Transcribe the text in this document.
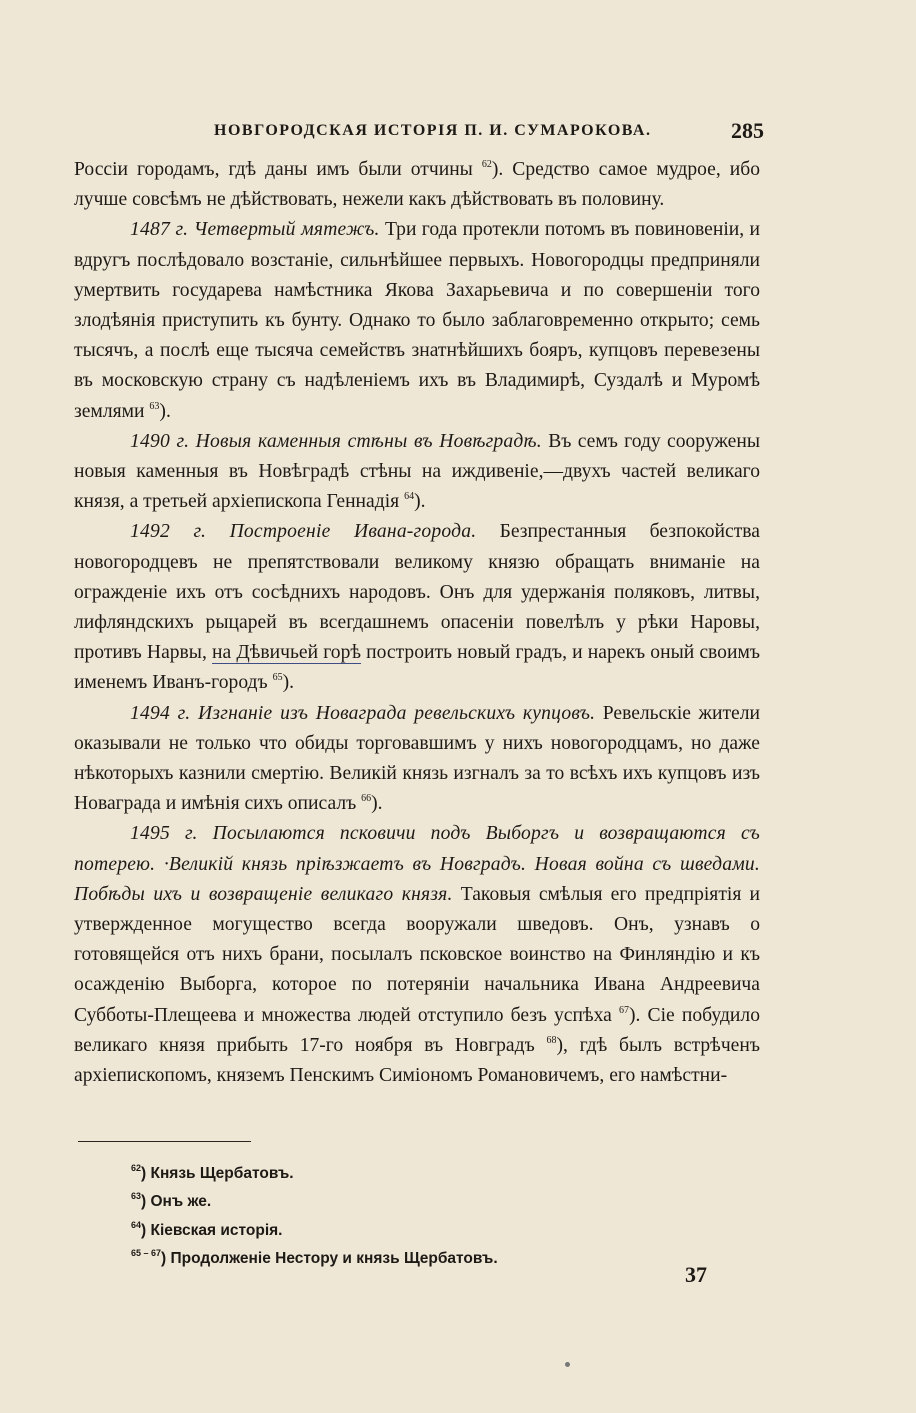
НОВГОРОДСКАЯ ИСТОРІЯ П. И. СУМАРОКОВА.	285

Россіи городамъ, гдѣ даны имъ были отчины $^{62}$). Средство самое мудрое, ибо лучше совсѣмъ не дѣйствовать, нежели какъ дѣйствовать въ половину.

1487 г. Четвертый мятежъ. Три года протекли потомъ въ повиновеніи, и вдругъ послѣдовало возстаніе, сильнѣйшее первыхъ. Новогородцы предприняли умертвить государева намѣстника Якова Захарьевича и по совершеніи того злодѣянія приступить къ бунту. Однако то было заблаговременно открыто; семь тысячъ, а послѣ еще тысяча семействъ знатнѣйшихъ бояръ, купцовъ перевезены въ московскую страну съ надѣленіемъ ихъ въ Владимирѣ, Суздалѣ и Муромѣ землями $^{63}$).

1490 г. Новыя каменныя стѣны въ Новѣградѣ. Въ семъ году сооружены новыя каменныя въ Новѣградѣ стѣны на иждивеніе,—двухъ частей великаго князя, а третьей архіепископа Геннадія $^{64}$).

1492 г. Построеніе Ивана-города. Безпрестанныя безпокойства новогородцевъ не препятствовали великому князю обращать вниманіе на огражденіе ихъ отъ сосѣднихъ народовъ. Онъ для удержанія поляковъ, литвы, лифляндскихъ рыцарей въ всегдашнемъ опасеніи повелѣлъ у рѣки Наровы, противъ Нарвы, на Дѣвичьей горѣ построить новый градъ, и нарекъ оный своимъ именемъ Иванъ-городъ $^{65}$).

1494 г. Изгнаніе изъ Новаграда ревельскихъ купцовъ. Ревельскіе жители оказывали не только что обиды торговавшимъ у нихъ новогородцамъ, но даже нѣкоторыхъ казнили смертію. Великій князь изгналъ за то всѣхъ ихъ купцовъ изъ Новаграда и имѣнія сихъ описалъ $^{66}$).

1495 г. Посылаются псковичи подъ Выборгъ и возвращаются съ потерею. ·Великій князь пріѣзжаетъ въ Новградъ. Новая война съ шведами. Побѣды ихъ и возвращеніе великаго князя. Таковыя смѣлыя его предпріятія и утвержденное могущество всегда вооружали шведовъ. Онъ, узнавъ о готовящейся отъ нихъ брани, посылалъ псковское воинство на Финляндію и къ осажденію Выборга, которое по потеряніи начальника Ивана Андреевича Субботы-Плещеева и множества людей отступило безъ успѣха $^{67}$). Сіе побудило великаго князя прибыть 17-го ноября въ Новградъ $^{68}$), гдѣ былъ встрѣченъ архіепископомъ, княземъ Пенскимъ Симіономъ Романовичемъ, его намѣстни-

$^{62}$) Князь Щербатовъ.
$^{63}$) Онъ же.
$^{64}$) Кіевская исторія.
$^{65 - 67}$) Продолженіе Нестору и князь Щербатовъ.
37
